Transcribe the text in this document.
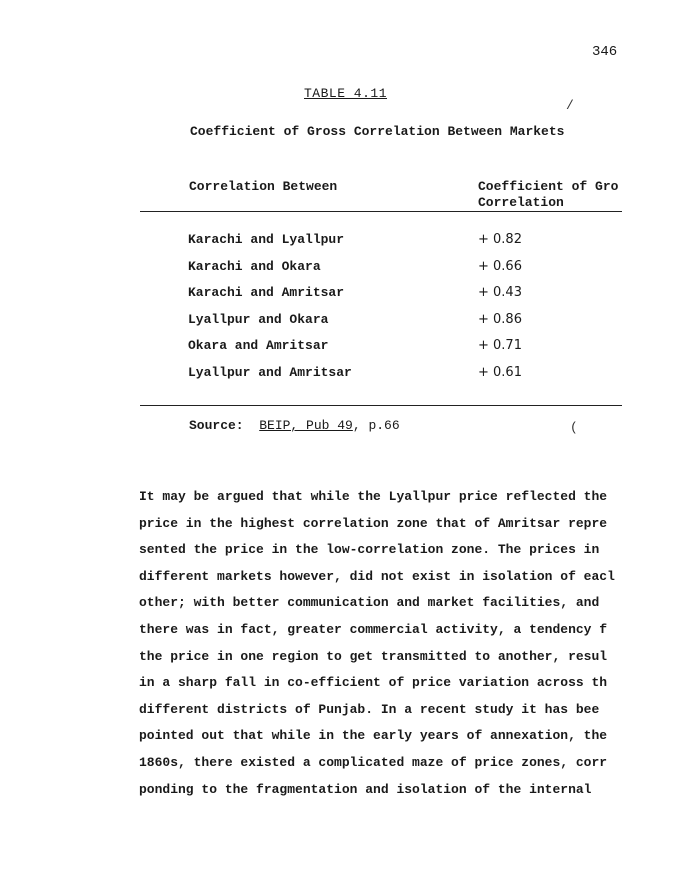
346
TABLE 4.11
/
Coefficient of Gross Correlation Between Markets
Correlation Between	Coefficient of Gro
Correlation
Karachi and Lyallpur	+ 0.82
Karachi and Okara	+ 0.66
Karachi and Amritsar	+ 0.43
Lyallpur and Okara	+ 0.86
Okara and Amritsar	+ 0.71
Lyallpur and Amritsar	+ 0.61
Source: BEIP, Pub 49, p.66	(
It may be argued that while the Lyallpur price reflected the
price in the highest correlation zone that of Amritsar repre
sented the price in the low-correlation zone. The prices in
different markets however, did not exist in isolation of eacl
other; with better communication and market facilities, and
there was in fact, greater commercial activity, a tendency f
the price in one region to get transmitted to another, resul
in a sharp fall in co-efficient of price variation across th
different districts of Punjab. In a recent study it has bee
pointed out that while in the early years of annexation, the
1860s, there existed a complicated maze of price zones, corr
ponding to the fragmentation and isolation of the internal
